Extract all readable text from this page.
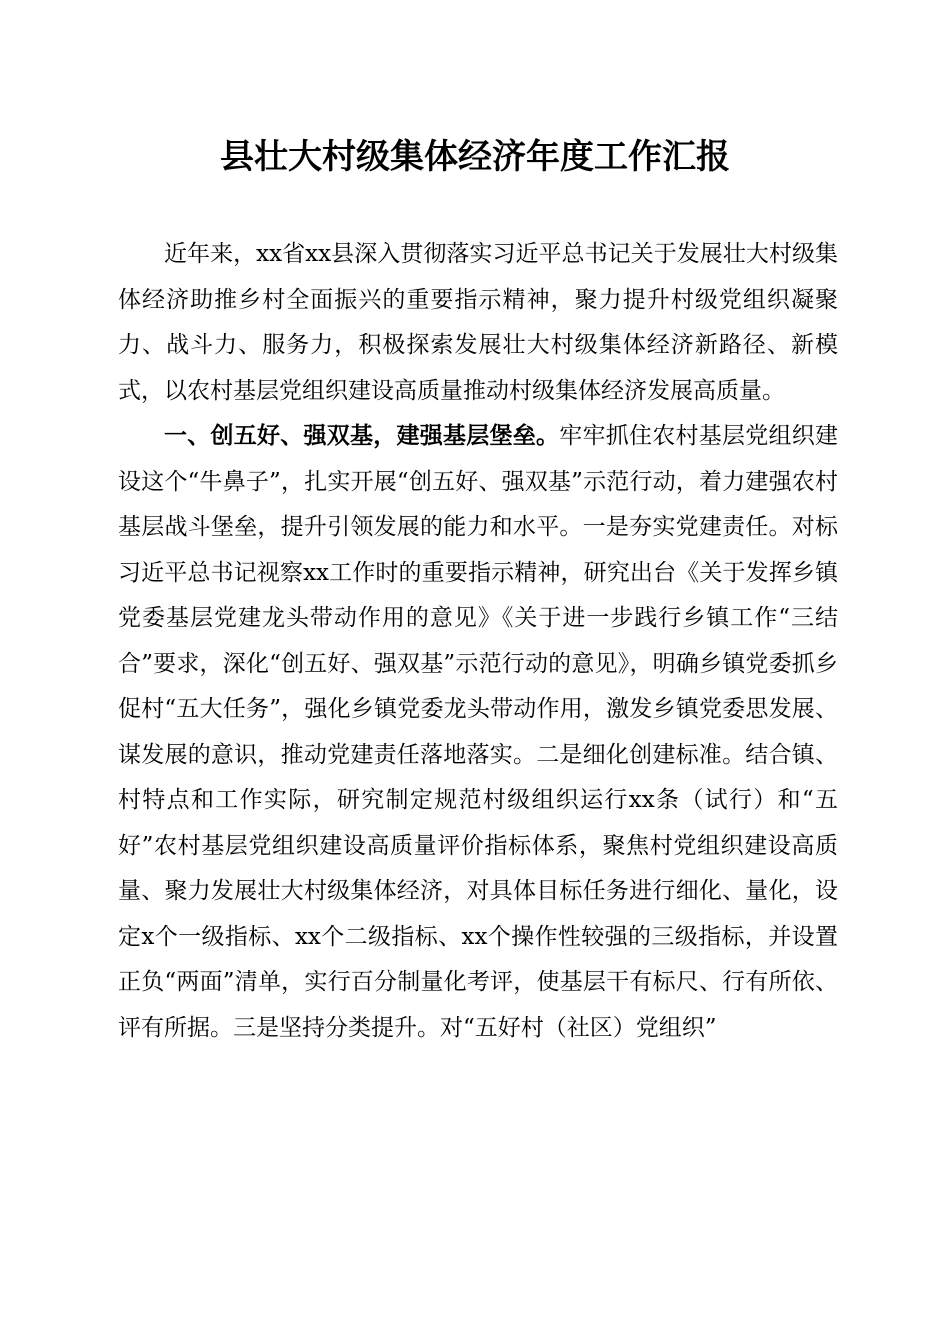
县壮大村级集体经济年度工作汇报

近年来，xx省xx县深入贯彻落实习近平总书记关于发展壮大村级集体经济助推乡村全面振兴的重要指示精神，聚力提升村级党组织凝聚力、战斗力、服务力，积极探索发展壮大村级集体经济新路径、新模式，以农村基层党组织建设高质量推动村级集体经济发展高质量。

一、创五好、强双基，建强基层堡垒。牢牢抓住农村基层党组织建设这个“牛鼻子”，扎实开展“创五好、强双基”示范行动，着力建强农村基层战斗堡垒，提升引领发展的能力和水平。一是夯实党建责任。对标习近平总书记视察xx工作时的重要指示精神，研究出台《关于发挥乡镇党委基层党建龙头带动作用的意见》《关于进一步践行乡镇工作“三结合”要求，深化“创五好、强双基”示范行动的意见》，明确乡镇党委抓乡促村“五大任务”，强化乡镇党委龙头带动作用，激发乡镇党委思发展、谋发展的意识，推动党建责任落地落实。二是细化创建标准。结合镇、村特点和工作实际，研究制定规范村级组织运行xx条（试行）和“五好”农村基层党组织建设高质量评价指标体系，聚焦村党组织建设高质量、聚力发展壮大村级集体经济，对具体目标任务进行细化、量化，设定x个一级指标、xx个二级指标、xx个操作性较强的三级指标，并设置正负“两面”清单，实行百分制量化考评，使基层干有标尺、行有所依、评有所据。三是坚持分类提升。对“五好村（社区）党组织”
